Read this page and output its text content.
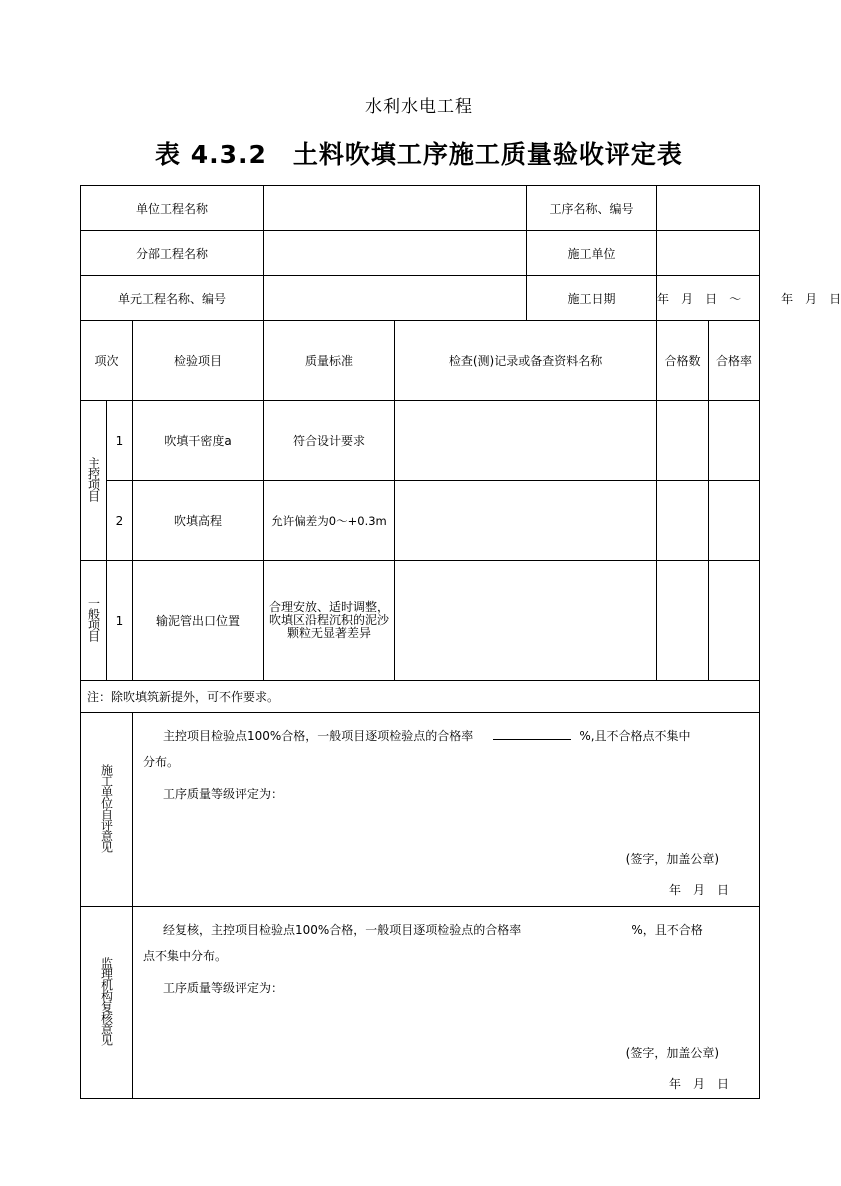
水利水电工程
表 4.3.2　土料吹填工序施工质量验收评定表
单位工程名称					工序名称、编号		
分部工程名称					施工单位		
单元工程名称、编号					施工日期	年 月 日 ～ 年 月 日	
项次		检验项目	质量标准	检查(测)记录或备查资料名称		合格数	合格率
主控项目	1	吹填干密度a	符合设计要求				
	2	吹填高程	允许偏差为0～+0.3m				
一般项目	1	输泥管出口位置	合理安放、适时调整，吹填区沿程沉积的泥沙颗粒无显著差异				
注：除吹填筑新提外，可不作要求。							
施工单位自评意见		主控项目检验点100%合格，一般项目逐项检验点的合格率 %,且不合格点不集中
分布。
工序质量等级评定为：
(签字，加盖公章)
年 月 日					

监理机构复核意见		经复核，主控项目检验点100%合格，一般项目逐项检验点的合格率 %，且不合格
点不集中分布。
工序质量等级评定为：
(签字，加盖公章)
年 月 日					
